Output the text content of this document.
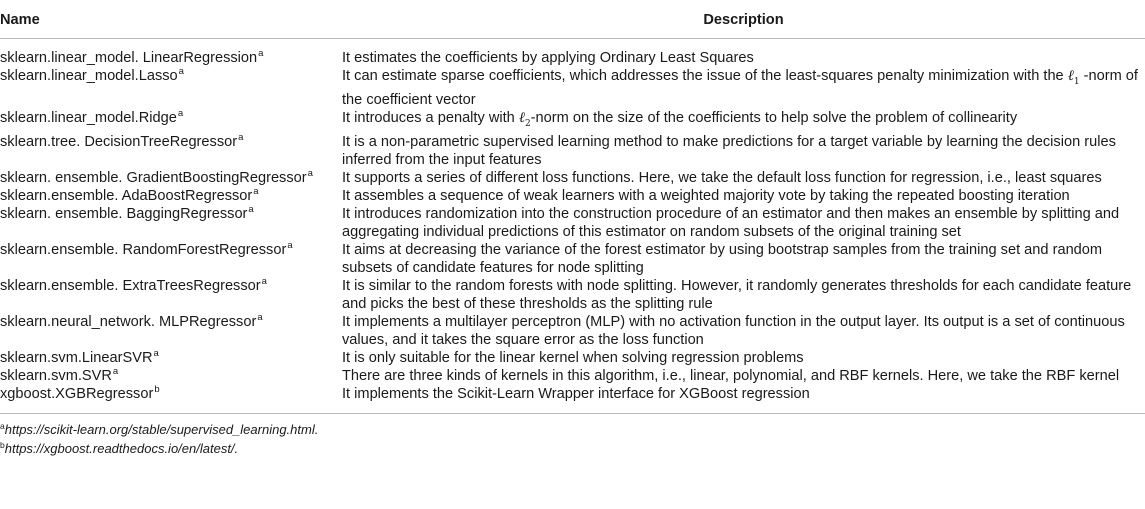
Name	Description
sklearn.linear_model. LinearRegression$^a$	It estimates the coefficients by applying Ordinary Least Squares
sklearn.linear_model.Lasso$^a$	It can estimate sparse coefficients, which addresses the issue of the least-squares penalty minimization with the ℓ$_1$ -norm of the coefficient vector
sklearn.linear_model.Ridge$^a$	It introduces a penalty with ℓ$_2$-norm on the size of the coefficients to help solve the problem of collinearity
sklearn.tree. DecisionTreeRegressor$^a$	It is a non-parametric supervised learning method to make predictions for a target variable by learning the decision rules inferred from the input features
sklearn. ensemble. GradientBoostingRegressor$^a$	It supports a series of different loss functions. Here, we take the default loss function for regression, i.e., least squares
sklearn.ensemble. AdaBoostRegressor$^a$	It assembles a sequence of weak learners with a weighted majority vote by taking the repeated boosting iteration
sklearn. ensemble. BaggingRegressor$^a$	It introduces randomization into the construction procedure of an estimator and then makes an ensemble by splitting and aggregating individual predictions of this estimator on random subsets of the original training set
sklearn.ensemble. RandomForestRegressor$^a$	It aims at decreasing the variance of the forest estimator by using bootstrap samples from the training set and random subsets of candidate features for node splitting
sklearn.ensemble. ExtraTreesRegressor$^a$	It is similar to the random forests with node splitting. However, it randomly generates thresholds for each candidate feature and picks the best of these thresholds as the splitting rule
sklearn.neural_network. MLPRegressor$^a$	It implements a multilayer perceptron (MLP) with no activation function in the output layer. Its output is a set of continuous values, and it takes the square error as the loss function
sklearn.svm.LinearSVR$^a$	It is only suitable for the linear kernel when solving regression problems
sklearn.svm.SVR$^a$	There are three kinds of kernels in this algorithm, i.e., linear, polynomial, and RBF kernels. Here, we take the RBF kernel
xgboost.XGBRegressor$^b$	It implements the Scikit-Learn Wrapper interface for XGBoost regression
$^a$https://scikit-learn.org/stable/supervised_learning.html.
$^b$https://xgboost.readthedocs.io/en/latest/.
